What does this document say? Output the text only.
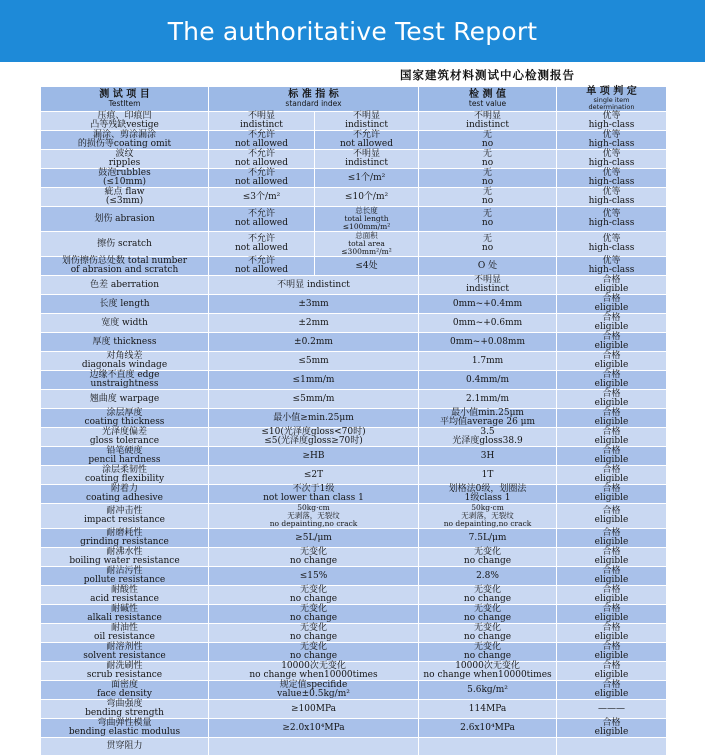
The authoritative Test Report
国家建筑材料测试中心检测报告
测 试 项 目
TestItem	标 准 指 标
standard index		检 测 值
test value	单 项 判 定
single item
determination

压痕、印痕凹
凸等残缺vestige	不明显
indistinct	不明显
indistinct	不明显
indistinct	优等
high-class

漏涂、剪涂漏涂
的损伤等coating omit	不允许
not allowed	不允许
not allowed	无
no	优等
high-class

波纹
ripples	不允许
not allowed	不明显
indistinct	无
no	优等
high-class

鼓泡rubbles
(≤10mm)	不允许
not allowed	≤1个/m²	无
no	优等
high-class

疵点 flaw
(≤3mm)	≤3个/m²	≤10个/m²	无
no	优等
high-class

划伤 abrasion	不允许
not allowed	总长度
total length
≤100mm/m²	无
no	优等
high-class

擦伤 scratch	不允许
not allowed	总面积
total area
≤300mm²/m²	无
no	优等
high-class

划伤擦伤总处数 total number
of abrasion and scratch	不允许
not allowed	≤4处	O 处	优等
high-class

色差 aberration	不明显 indistinct		不明显
indistinct	合格
eligible

长度 length	±3mm		0mm~+0.4mm	合格
eligible

宽度 width	±2mm		0mm~+0.6mm	合格
eligible

厚度 thickness	±0.2mm		0mm~+0.08mm	合格
eligible

对角线差
diagonals windage	≤5mm		1.7mm	合格
eligible

边缘不直度 edge
unstraightness	≤1mm/m		0.4mm/m	合格
eligible

翘曲度 warpage	≤5mm/m		2.1mm/m	合格
eligible

涂层厚度
coating thickness	最小值≥min.25μm		最小值min.25μm
平均值average 26 μm	合格
eligible

光泽度偏差
gloss tolerance	≤10(光泽度gloss<70时)
≤5(光泽度gloss≥70时)		3.5
光泽度gloss38.9	合格
eligible

铅笔硬度
pencil hardness	≥HB		3H	合格
eligible

涂层柔韧性
coating flexibility	≤2T		1T	合格
eligible

附着力
coating adhesive	不次于1级
not lower than class 1		划格法0级，划圈法
1级class 1	合格
eligible

耐冲击性
impact resistance	50kg·cm
无剥落，无裂纹
no depainting,no crack		50kg·cm
无剥落，无裂纹
no depainting,no crack	合格
eligible

耐磨耗性
grinding resistance	≥5L/μm		7.5L/μm	合格
eligible

耐沸水性
boiling water resistance	无变化
no change		无变化
no change	合格
eligible

耐沾污性
pollute resistance	≤15%		2.8%	合格
eligible

耐酸性
acid resistance	无变化
no change		无变化
no change	合格
eligible

耐碱性
alkali resistance	无变化
no change		无变化
no change	合格
eligible

耐油性
oil resistance	无变化
no change		无变化
no change	合格
eligible

耐溶剂性
solvent resistance	无变化
no change		无变化
no change	合格
eligible

耐洗刷性
scrub resistance	10000次无变化
no change when10000times		10000次无变化
no change when10000times	合格
eligible

面密度
face density	规定值specifide
value±0.5kg/m²		5.6kg/m²	合格
eligible

弯曲强度
bending strength	≥100MPa		114MPa	———

弯曲弹性模量
bending elastic modulus	≥2.0x10⁴MPa		2.6x10⁴MPa	合格
eligible

贯穿阻力				
